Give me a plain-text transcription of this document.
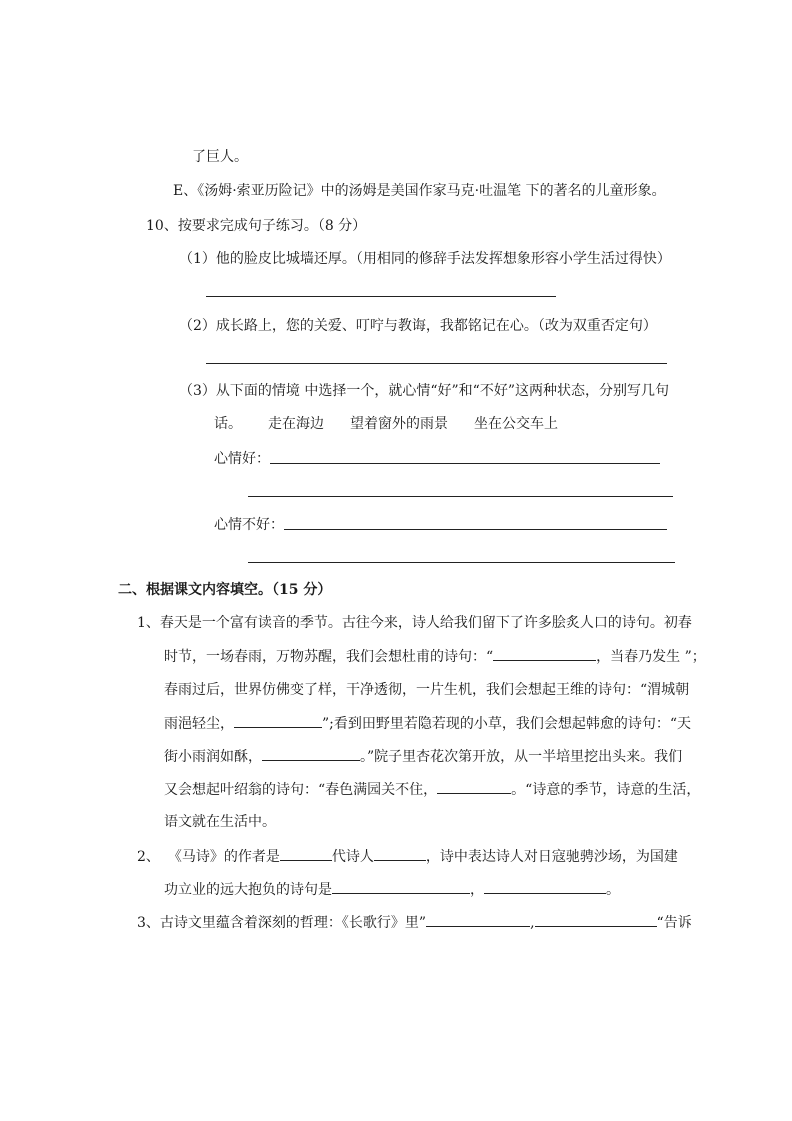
了巨人。
E、《汤姆·索亚历险记》中的汤姆是美国作家马克·吐温笔 下的著名的儿童形象。
10、按要求完成句子练习。（8 分）
（1）他的脸皮比城墙还厚。（用相同的修辞手法发挥想象形容小学生活过得快）
（2）成长路上，您的关爱、叮咛与教诲，我都铭记在心。（改为双重否定句）
（3）从下面的情境 中选择一个，就心情“好”和“不好”这两种状态，分别写几句
话。 走在海边 望着窗外的雨景 坐在公交车上
心情好：
心情不好：
二、根据课文内容填空。（15 分）
1、春天是一个富有读音的季节。古往今来，诗人给我们留下了许多脍炙人口的诗句。初春
时节，一场春雨，万物苏醒，我们会想杜甫的诗句：“	，当春乃发生 ”；
春雨过后，世界仿佛变了样，干净透彻，一片生机，我们会想起王维的诗句：“渭城朝
雨浥轻尘，	”;看到田野里若隐若现的小草，我们会想起韩愈的诗句：“天
街小雨润如酥，	。”院子里杏花次第开放，从一半培里挖出头来。我们
又会想起叶绍翁的诗句：“春色满园关不住，	。“诗意的季节，诗意的生活，
语文就在生活中。
2、 《马诗》的作者是	代诗人	，诗中表达诗人对日寇驰骋沙场，为国建
功立业的远大抱负的诗句是	，	。
3、古诗文里蕴含着深刻的哲理：《长歌行》里”	,	“告诉
